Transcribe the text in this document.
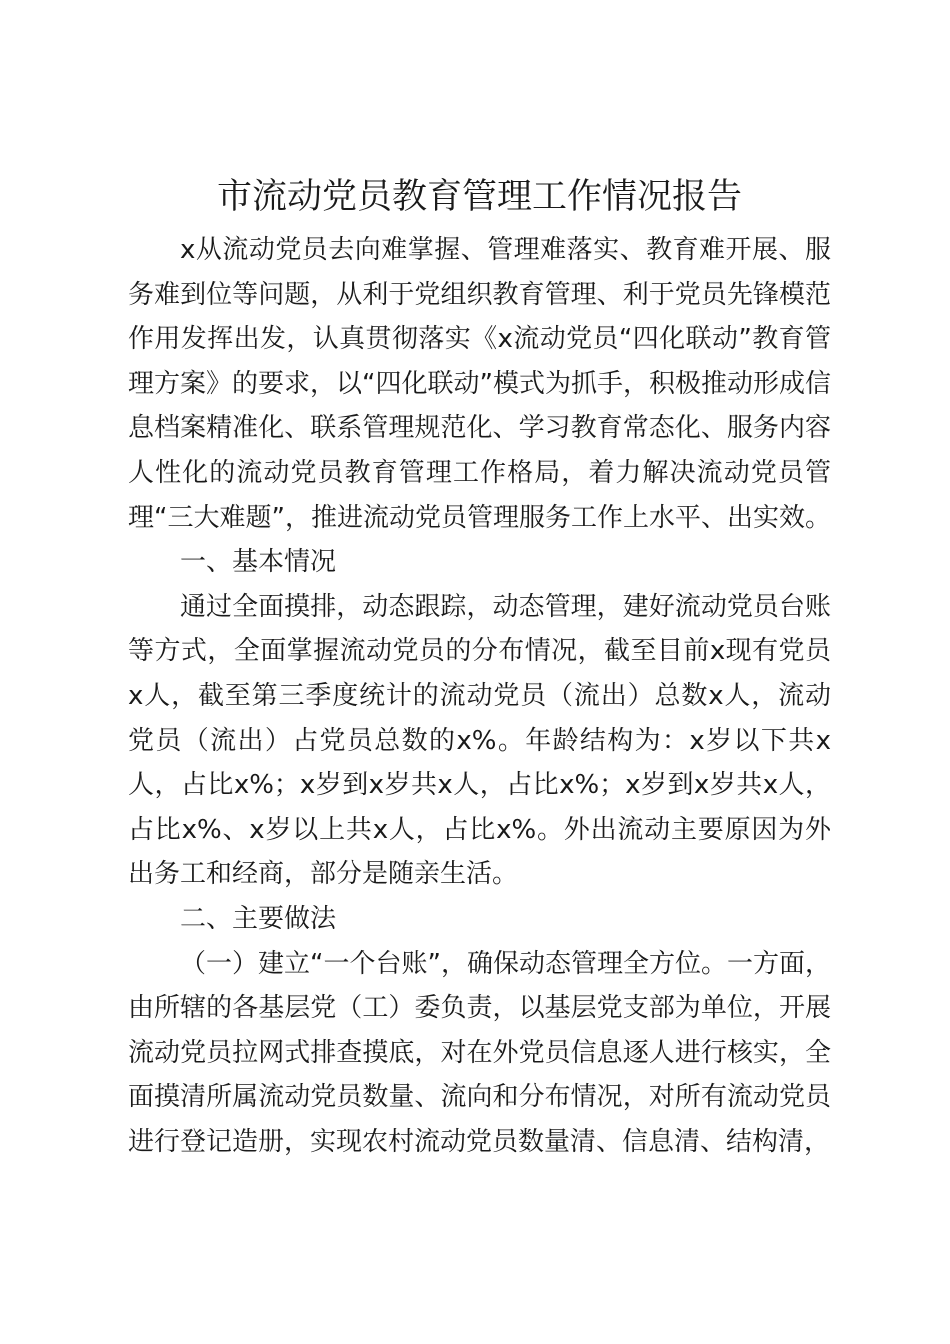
市流动党员教育管理工作情况报告

x从流动党员去向难掌握、管理难落实、教育难开展、服务难到位等问题，从利于党组织教育管理、利于党员先锋模范作用发挥出发，认真贯彻落实《x流动党员“四化联动”教育管理方案》的要求，以“四化联动”模式为抓手，积极推动形成信息档案精准化、联系管理规范化、学习教育常态化、服务内容人性化的流动党员教育管理工作格局，着力解决流动党员管理“三大难题”，推进流动党员管理服务工作上水平、出实效。

一、基本情况

通过全面摸排，动态跟踪，动态管理，建好流动党员台账等方式，全面掌握流动党员的分布情况，截至目前x现有党员x人，截至第三季度统计的流动党员（流出）总数x人，流动党员（流出）占党员总数的x%。年龄结构为：x岁以下共x人，占比x%；x岁到x岁共x人，占比x%；x岁到x岁共x人，占比x%、x岁以上共x人，占比x%。外出流动主要原因为外出务工和经商，部分是随亲生活。

二、主要做法

（一）建立“一个台账”，确保动态管理全方位。一方面，由所辖的各基层党（工）委负责，以基层党支部为单位，开展流动党员拉网式排查摸底，对在外党员信息逐人进行核实，全面摸清所属流动党员数量、流向和分布情况，对所有流动党员进行登记造册，实现农村流动党员数量清、信息清、结构清，
